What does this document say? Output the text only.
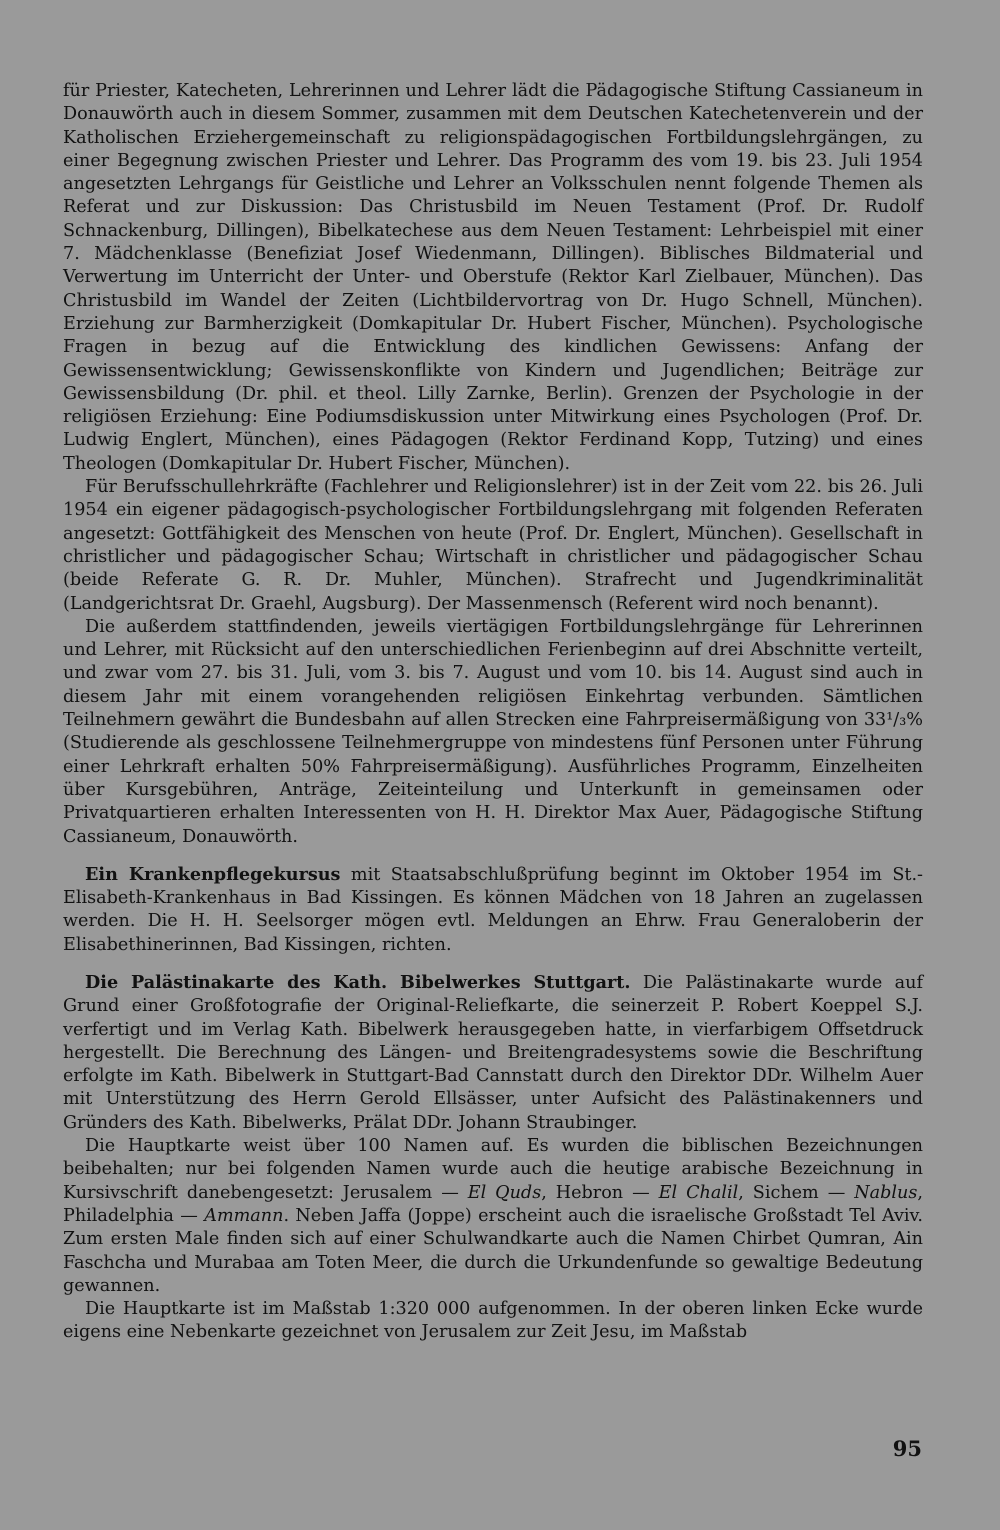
für Priester, Katecheten, Lehrerinnen und Lehrer lädt die Pädagogische Stiftung Cassianeum in Donauwörth auch in diesem Sommer, zusammen mit dem Deutschen Katechetenverein und der Katholischen Erziehergemeinschaft zu religionspädagogischen Fortbildungslehrgängen, zu einer Begegnung zwischen Priester und Lehrer. Das Programm des vom 19. bis 23. Juli 1954 angesetzten Lehrgangs für Geistliche und Lehrer an Volksschulen nennt folgende Themen als Referat und zur Diskussion: Das Christusbild im Neuen Testament (Prof. Dr. Rudolf Schnackenburg, Dillingen), Bibelkatechese aus dem Neuen Testament: Lehrbeispiel mit einer 7. Mädchenklasse (Benefiziat Josef Wiedenmann, Dillingen). Biblisches Bildmaterial und Verwertung im Unterricht der Unter- und Oberstufe (Rektor Karl Zielbauer, München). Das Christusbild im Wandel der Zeiten (Lichtbildervortrag von Dr. Hugo Schnell, München). Erziehung zur Barmherzigkeit (Domkapitular Dr. Hubert Fischer, München). Psychologische Fragen in bezug auf die Entwicklung des kindlichen Gewissens: Anfang der Gewissensentwicklung; Gewissenskonflikte von Kindern und Jugendlichen; Beiträge zur Gewissensbildung (Dr. phil. et theol. Lilly Zarnke, Berlin). Grenzen der Psychologie in der religiösen Erziehung: Eine Podiumsdiskussion unter Mitwirkung eines Psychologen (Prof. Dr. Ludwig Englert, München), eines Pädagogen (Rektor Ferdinand Kopp, Tutzing) und eines Theologen (Domkapitular Dr. Hubert Fischer, München).

Für Berufsschullehrkräfte (Fachlehrer und Religionslehrer) ist in der Zeit vom 22. bis 26. Juli 1954 ein eigener pädagogisch-psychologischer Fortbildungslehrgang mit folgenden Referaten angesetzt: Gottfähigkeit des Menschen von heute (Prof. Dr. Englert, München). Gesellschaft in christlicher und pädagogischer Schau; Wirtschaft in christlicher und pädagogischer Schau (beide Referate G. R. Dr. Muhler, München). Strafrecht und Jugendkriminalität (Landgerichtsrat Dr. Graehl, Augsburg). Der Massenmensch (Referent wird noch benannt).

Die außerdem stattfindenden, jeweils viertägigen Fortbildungslehrgänge für Lehrerinnen und Lehrer, mit Rücksicht auf den unterschiedlichen Ferienbeginn auf drei Abschnitte verteilt, und zwar vom 27. bis 31. Juli, vom 3. bis 7. August und vom 10. bis 14. August sind auch in diesem Jahr mit einem vorangehenden religiösen Einkehrtag verbunden. Sämtlichen Teilnehmern gewährt die Bundesbahn auf allen Strecken eine Fahrpreisermäßigung von 33¹/₃% (Studierende als geschlossene Teilnehmergruppe von mindestens fünf Personen unter Führung einer Lehrkraft erhalten 50% Fahrpreisermäßigung). Ausführliches Programm, Einzelheiten über Kursgebühren, Anträge, Zeiteinteilung und Unterkunft in gemeinsamen oder Privatquartieren erhalten Interessenten von H. H. Direktor Max Auer, Pädagogische Stiftung Cassianeum, Donauwörth.

Ein Krankenpflegekursus mit Staatsabschlußprüfung beginnt im Oktober 1954 im St.-Elisabeth-Krankenhaus in Bad Kissingen. Es können Mädchen von 18 Jahren an zugelassen werden. Die H. H. Seelsorger mögen evtl. Meldungen an Ehrw. Frau Generaloberin der Elisabethinerinnen, Bad Kissingen, richten.

Die Palästinakarte des Kath. Bibelwerkes Stuttgart. Die Palästinakarte wurde auf Grund einer Großfotografie der Original-Reliefkarte, die seinerzeit P. Robert Koeppel S.J. verfertigt und im Verlag Kath. Bibelwerk herausgegeben hatte, in vierfarbigem Offsetdruck hergestellt. Die Berechnung des Längen- und Breitengradesystems sowie die Beschriftung erfolgte im Kath. Bibelwerk in Stuttgart-Bad Cannstatt durch den Direktor DDr. Wilhelm Auer mit Unterstützung des Herrn Gerold Ellsässer, unter Aufsicht des Palästinakenners und Gründers des Kath. Bibelwerks, Prälat DDr. Johann Straubinger.

Die Hauptkarte weist über 100 Namen auf. Es wurden die biblischen Bezeichnungen beibehalten; nur bei folgenden Namen wurde auch die heutige arabische Bezeichnung in Kursivschrift danebengesetzt: Jerusalem — El Quds, Hebron — El Chalil, Sichem — Nablus, Philadelphia — Ammann. Neben Jaffa (Joppe) erscheint auch die israelische Großstadt Tel Aviv. Zum ersten Male finden sich auf einer Schulwandkarte auch die Namen Chirbet Qumran, Ain Faschcha und Murabaa am Toten Meer, die durch die Urkundenfunde so gewaltige Bedeutung gewannen.

Die Hauptkarte ist im Maßstab 1:320 000 aufgenommen. In der oberen linken Ecke wurde eigens eine Nebenkarte gezeichnet von Jerusalem zur Zeit Jesu, im Maßstab

95
